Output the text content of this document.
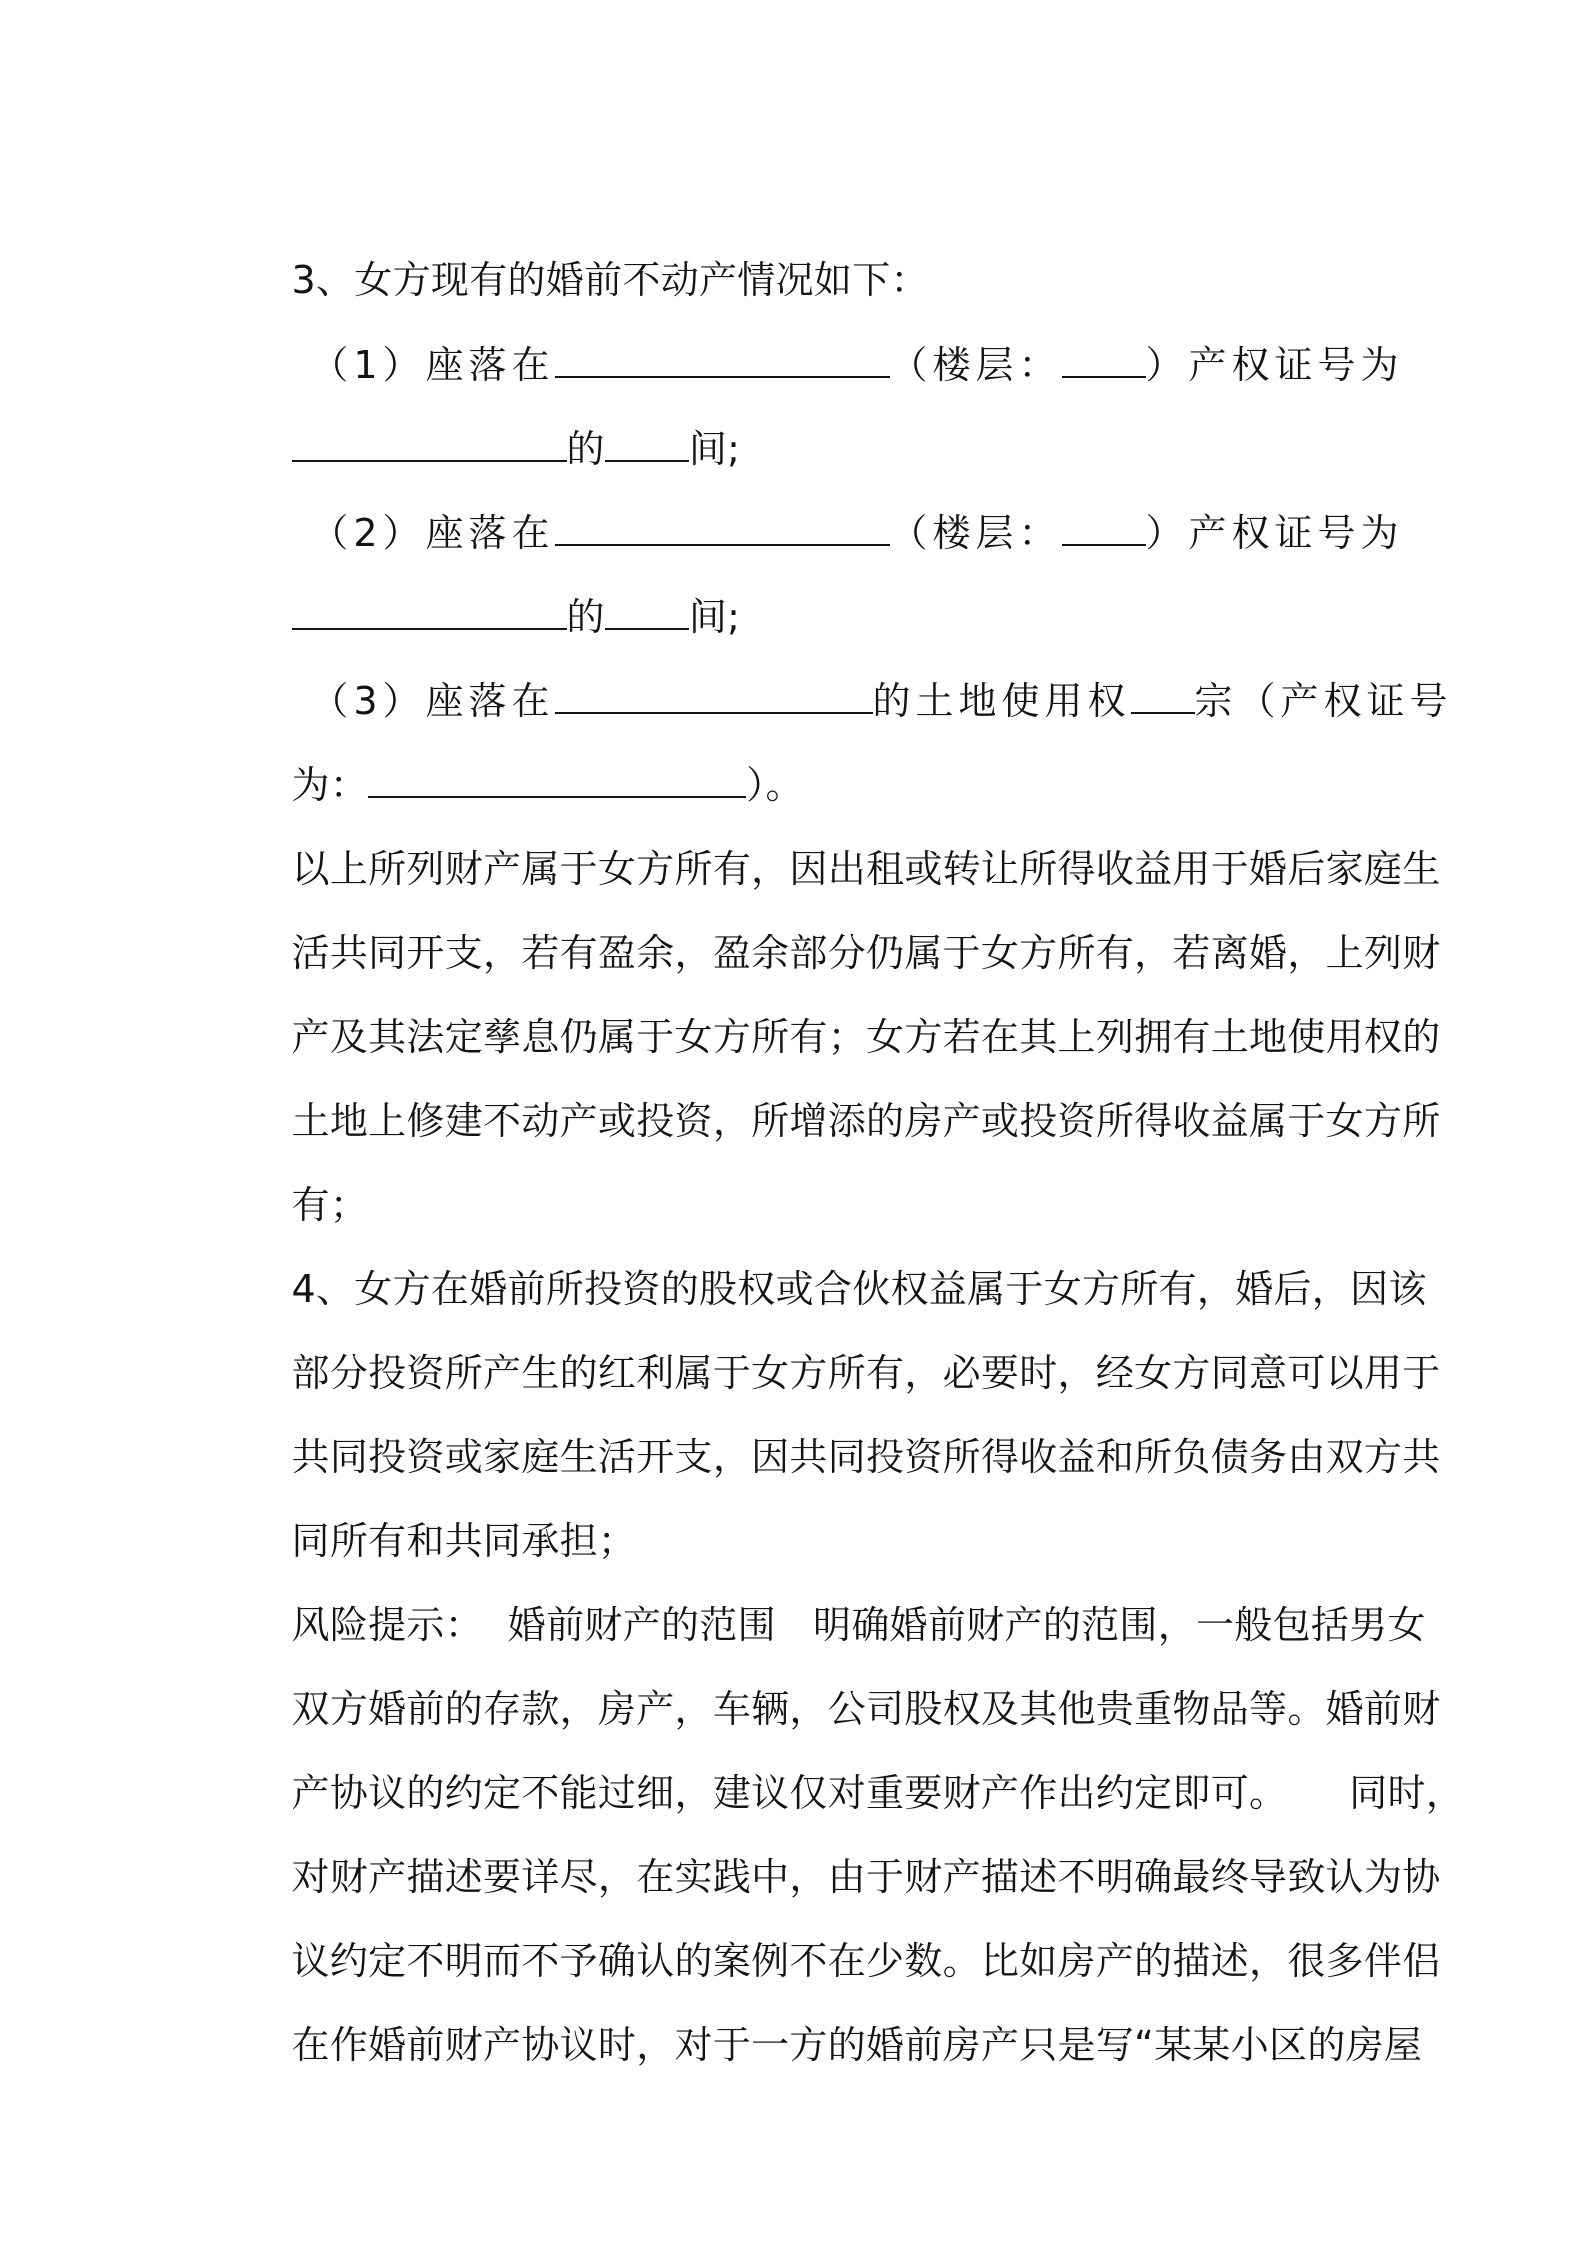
3、女方现有的婚前不动产情况如下：

（1）座落在	（楼层： ）产权证号为

的 间;

（2）座落在	（楼层： ）产权证号为

的 间;

（3）座落在	的土地使用权 宗（产权证号

为：	）。

以上所列财产属于女方所有，因出租或转让所得收益用于婚后家庭生

活共同开支，若有盈余，盈余部分仍属于女方所有，若离婚，上列财

产及其法定孳息仍属于女方所有；女方若在其上列拥有土地使用权的

土地上修建不动产或投资，所增添的房产或投资所得收益属于女方所

有；

4、女方在婚前所投资的股权或合伙权益属于女方所有，婚后，因该

部分投资所产生的红利属于女方所有，必要时，经女方同意可以用于

共同投资或家庭生活开支，因共同投资所得收益和所负债务由双方共

同所有和共同承担；

风险提示：  婚前财产的范围   明确婚前财产的范围，一般包括男女

双方婚前的存款，房产，车辆，公司股权及其他贵重物品等。婚前财

产协议的约定不能过细，建议仅对重要财产作出约定即可。     同时，

对财产描述要详尽，在实践中，由于财产描述不明确最终导致认为协

议约定不明而不予确认的案例不在少数。比如房产的描述，很多伴侣

在作婚前财产协议时，对于一方的婚前房产只是写“某某小区的房屋
